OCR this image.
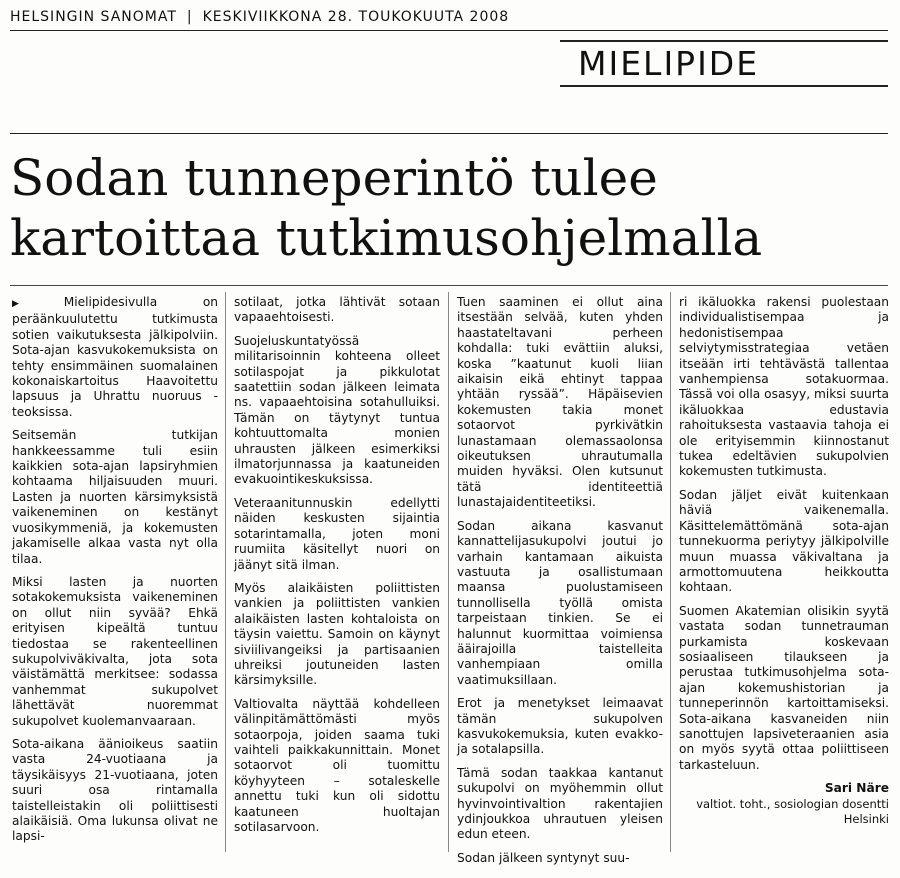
HELSINGIN SANOMAT | KESKIVIIKKONA 28. TOUKOKUUTA 2008
MIELIPIDE
Sodan tunneperintö tulee
kartoittaa tutkimusohjelmalla

▶ Mielipidesivulla on peräänkuulutettu tutkimusta sotien vaikutuksesta jälkipolviin. Sota-ajan kasvukokemuksista on tehty ensimmäinen suomalainen kokonaiskartoitus Haavoitettu lapsuus ja Uhrattu nuoruus -teoksissa.

Seitsemän tutkijan hankkeessamme tuli esiin kaikkien sota-ajan lapsiryhmien kohtaama hiljaisuuden muuri. Lasten ja nuorten kärsimyksistä vaikeneminen on kestänyt vuosikymmeniä, ja kokemusten jakamiselle alkaa vasta nyt olla tilaa.

Miksi lasten ja nuorten sotakokemuksista vaikeneminen on ollut niin syvää? Ehkä erityisen kipeältä tuntuu tiedostaa se rakenteellinen sukupolviväkivalta, jota sota väistämättä merkitsee: sodassa vanhemmat sukupolvet lähettävät nuoremmat sukupolvet kuolemanvaaraan.

Sota-aikana äänioikeus saatiin vasta 24-vuotiaana ja täysikäisyys 21-vuotiaana, joten suuri osa rintamalla taistelleistakin oli poliittisesti alaikäisiä. Oma lukunsa olivat ne lapsi-

sotilaat, jotka lähtivät sotaan vapaaehtoisesti.

Suojeluskuntatyössä militarisoinnin kohteena olleet sotilaspojat ja pikkulotat saatettiin sodan jälkeen leimata ns. vapaaehtoisina sotahulluiksi. Tämän on täytynyt tuntua kohtuuttomalta monien uhrausten jälkeen esimerkiksi ilmatorjunnassa ja kaatuneiden evakuointikeskuksissa.

Veteraanitunnuskin edellytti näiden keskusten sijaintia sotarintamalla, joten moni ruumiita käsitellyt nuori on jäänyt sitä ilman.

Myös alaikäisten poliittisten vankien ja poliittisten vankien alaikäisten lasten kohtaloista on täysin vaiettu. Samoin on käynyt siviilivangeiksi ja partisaanien uhreiksi joutuneiden lasten kärsimyksille.

Valtiovalta näyttää kohdelleen välinpitämättömästi myös sotaorpoja, joiden saama tuki vaihteli paikkakunnittain. Monet sotaorvot oli tuomittu köyhyyteen – sotaleskelle annettu tuki kun oli sidottu kaatuneen huoltajan sotilasarvoon.

Tuen saaminen ei ollut aina itsestään selvää, kuten yhden haastateltavani perheen kohdalla: tuki evättiin aluksi, koska ”kaatunut kuoli liian aikaisin eikä ehtinyt tappaa yhtään ryssää”. Häpäisevien kokemusten takia monet sotaorvot pyrkivätkin lunastamaan olemassaolonsa oikeutuksen uhrautumalla muiden hyväksi. Olen kutsunut tätä identiteettiä lunastajaidentiteetiksi.

Sodan aikana kasvanut kannattelijasukupolvi joutui jo varhain kantamaan aikuista vastuuta ja osallistumaan maansa puolustamiseen tunnollisella työllä omista tarpeistaan tinkien. Se ei halunnut kuormittaa voimiensa ääirajoilla taistelleita vanhempiaan omilla vaatimuksillaan.

Erot ja menetykset leimaavat tämän sukupolven kasvukokemuksia, kuten evakko- ja sotalapsilla.

Tämä sodan taakkaa kantanut sukupolvi on myöhemmin ollut hyvinvointivaltion rakentajien ydinjoukkoa uhrautuen yleisen edun eteen.

Sodan jälkeen syntynyt suu-

ri ikäluokka rakensi puolestaan individualistisempaa ja hedonistisempaa selviytymisstrategiaa vetäen itseään irti tehtävästä tallentaa vanhempiensa sotakuormaa. Tässä voi olla osasyy, miksi suurta ikäluokkaa edustavia rahoituksesta vastaavia tahoja ei ole erityisemmin kiinnostanut tukea edeltävien sukupolvien kokemusten tutkimusta.

Sodan jäljet eivät kuitenkaan häviä vaikenemalla. Käsittelemättömänä sota-ajan tunnekuorma periytyy jälkipolville muun muassa väkivaltana ja armottomuutena heikkoutta kohtaan.

Suomen Akatemian olisikin syytä vastata sodan tunnetrauman purkamista koskevaan sosiaaliseen tilaukseen ja perustaa tutkimusohjelma sota-ajan kokemushistorian ja tunneperinnön kartoittamiseksi. Sota-aikana kasvaneiden niin sanottujen lapsiveteraanien asia on myös syytä ottaa poliittiseen tarkasteluun.

Sari Näre
valtiot. toht., sosiologian dosentti
Helsinki
